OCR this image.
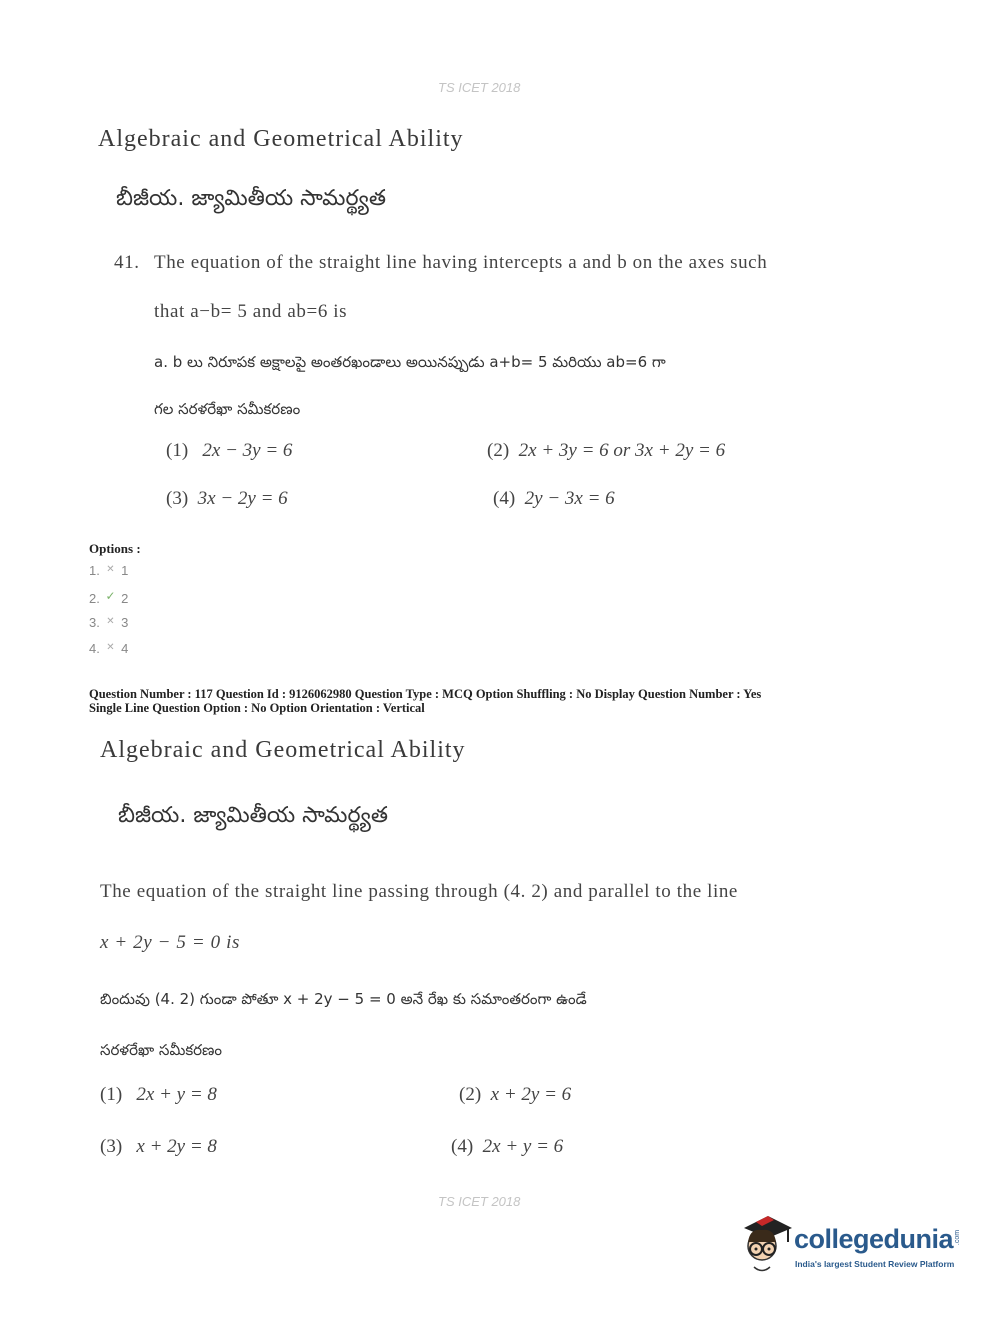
TS ICET 2018
Algebraic and Geometrical Ability
బీజీయ. జ్యామితీయ సామర్థ్యత
41. The equation of the straight line having intercepts a and b on the axes such
that a−b= 5 and ab=6 is
a. b లు నిరూపక అక్షాలపై అంతరఖండాలు అయినప్పుడు a+b= 5 మరియు ab=6 గా
గల సరళరేఖా సమీకరణం
(1) 2x − 3y = 6	(2) 2x + 3y = 6 or 3x + 2y = 6
(3) 3x − 2y = 6	(4) 2y − 3x = 6
Options :
1. ✕ 1
2. ✓ 2
3. ✕ 3
4. ✕ 4
Question Number : 117 Question Id : 9126062980 Question Type : MCQ Option Shuffling : No Display Question Number : Yes
Single Line Question Option : No Option Orientation : Vertical
Algebraic and Geometrical Ability
బీజీయ. జ్యామితీయ సామర్థ్యత
The equation of the straight line passing through (4. 2) and parallel to the line
x + 2y − 5 = 0 is
బిందువు (4. 2) గుండా పోతూ x + 2y − 5 = 0 అనే రేఖ కు సమాంతరంగా ఉండే
సరళరేఖా సమీకరణం
(1) 2x + y = 8	(2) x + 2y = 6
(3) x + 2y = 8	(4) 2x + y = 6
TS ICET 2018
collegedunia .com
India's largest Student Review Platform
